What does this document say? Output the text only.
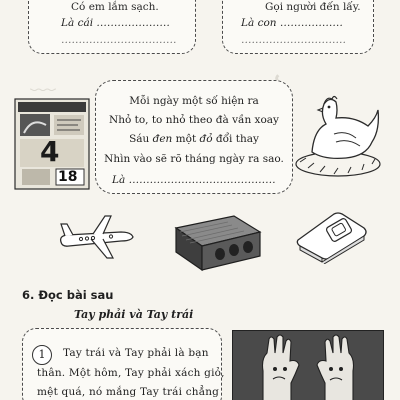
﹏
Có em lắm sạch.
Là cái …………………
……………………………
Gọi người đến lấy.
Là con ………………
…………………………
4
18
Mỗi ngày một số hiện ra
Nhỏ to, to nhỏ theo đà vần xoay
Sáu đen một đỏ đổi thay
Nhìn vào sẽ rõ tháng ngày ra sao.
Là ……………………………………
6. Đọc bài sau
Tay phải và Tay trái
1	Tay trái và Tay phải là bạn
thân. Một hôm, Tay phải xách giỏ,
mệt quá, nó mắng Tay trái chẳng
